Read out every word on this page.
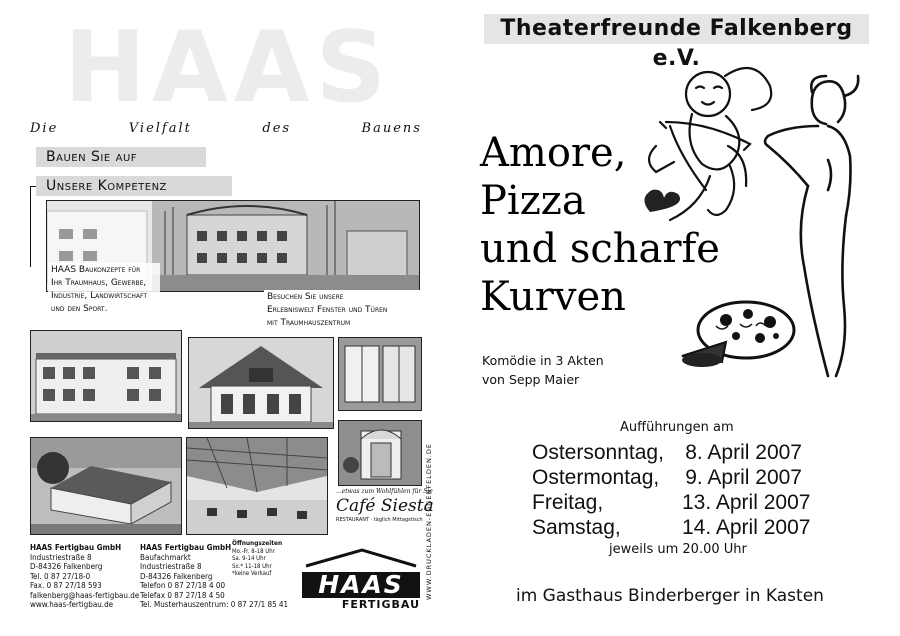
HAAS
Die	Vielfalt	des	Bauens
Bauen Sie auf
Unsere Kompetenz
HAAS Baukonzepte für
Ihr Traumhaus, Gewerbe,
Industrie, Landwirtschaft
und den Sport.
Besuchen Sie unsere
Erlebniswelt Fenster und Türen
mit Traumhauszentrum
...etwas zum Wohlfühlen für Sie
Café Siesta
RESTAURANT · täglich Mittagstisch WWW.DRUCKLADEN-EGGENFELDEN.DE
HAAS Fertigbau GmbH
Industriestraße 8
D-84326 Falkenberg
Tel. 0 87 27/18-0
Fax. 0 87 27/18 593
falkenberg@haas-fertigbau.de
www.haas-fertigbau.de
HAAS Fertigbau GmbH
Baufachmarkt
Industriestraße 8
D-84326 Falkenberg
Telefon 0 87 27/18 4 00
Telefax 0 87 27/18 4 50
Tel. Musterhauszentrum: 0 87 27/1 85 41
Öffnungszeiten
Mo.-Fr. 8-18 Uhr
Sa. 9-14 Uhr
So.* 11-18 Uhr
*keine Verkauf	HAAS
FERTIGBAU
Theaterfreunde Falkenberg e.V.
Amore,
Pizza
und scharfe
Kurven
Komödie in 3 Akten
von Sepp Maier
Aufführungen am
Ostersonntag, 8. April 2007
Ostermontag, 9. April 2007
Freitag,	13. April 2007
Samstag,	14. April 2007
jeweils um 20.00 Uhr
im Gasthaus Binderberger in Kasten
